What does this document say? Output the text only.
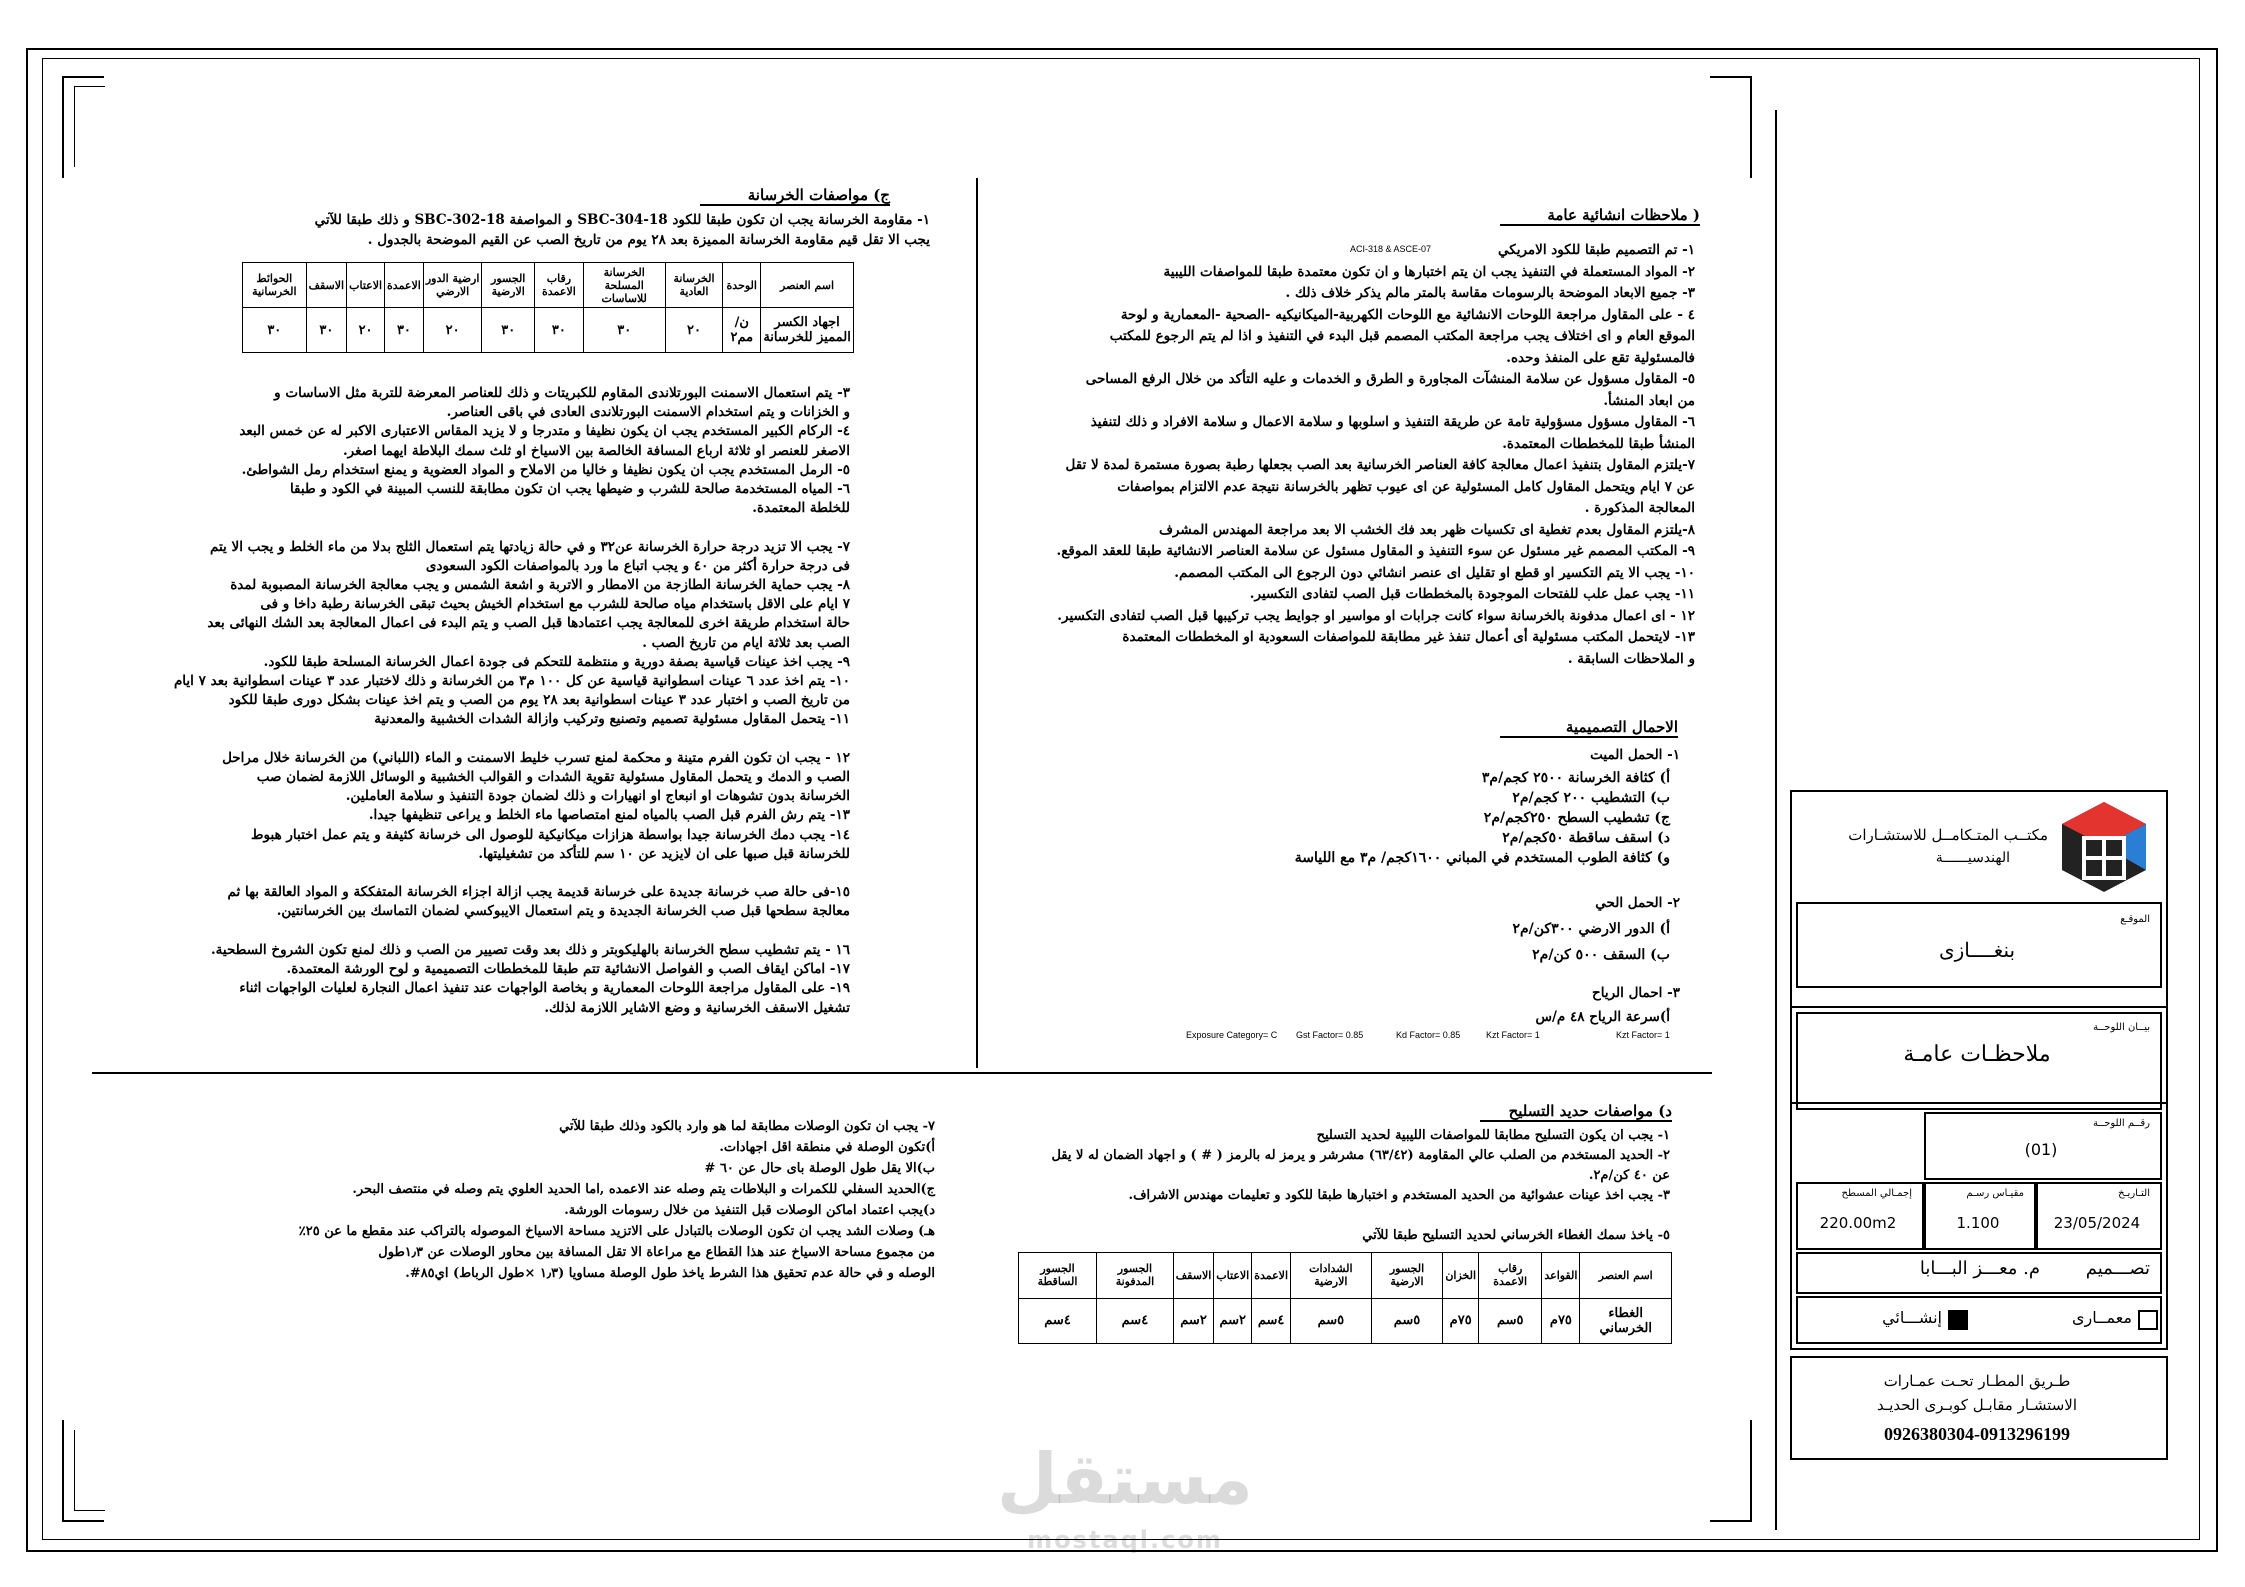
( ملاحظات انشائية عامة
ACI-318 & ASCE-07	١- تم التصميم طبقا للكود الامريكي
٢- المواد المستعملة في التنفيذ يجب ان يتم اختبارها و ان تكون معتمدة طبقا للمواصفات الليبية
٣- جميع الابعاد الموضحة بالرسومات مقاسة بالمتر مالم يذكر خلاف ذلك .
٤ - على المقاول مراجعة اللوحات الانشائية مع اللوحات الكهربية-الميكانيكيه -الصحية -المعمارية و لوحة
الموقع العام و اى اختلاف يجب مراجعة المكتب المصمم قبل البدء في التنفيذ و اذا لم يتم الرجوع للمكتب
فالمسئولية تقع على المنفذ وحده.
٥- المقاول مسؤول عن سلامة المنشآت المجاورة و الطرق و الخدمات و عليه التأكد من خلال الرفع المساحى
من ابعاد المنشأ.
٦- المقاول مسؤول مسؤولية تامة عن طريقة التنفيذ و اسلوبها و سلامة الاعمال و سلامة الافراد و ذلك لتنفيذ
المنشأ طبقا للمخططات المعتمدة.
٧-يلتزم المقاول بتنفيذ اعمال معالجة كافة العناصر الخرسانية بعد الصب بجعلها رطبة بصورة مستمرة لمدة لا تقل
عن ٧ ايام ويتحمل المقاول كامل المسئولية عن اى عيوب تظهر بالخرسانة نتيجة عدم الالتزام بمواصفات
المعالجة المذكورة .
٨-يلتزم المقاول بعدم تغطية اى تكسيات ظهر بعد فك الخشب الا بعد مراجعة المهندس المشرف
٩- المكتب المصمم غير مسئول عن سوء التنفيذ و المقاول مسئول عن سلامة العناصر الانشائية طبقا للعقد الموقع.
١٠- يجب الا يتم التكسير او قطع او تقليل اى عنصر انشائي دون الرجوع الى المكتب المصمم.
١١- يجب عمل علب للفتحات الموجودة بالمخططات قبل الصب لتفادى التكسير.
١٢ - اى اعمال مدفونة بالخرسانة سواء كانت جرابات او مواسير او جوايط يجب تركيبها قبل الصب لتفادى التكسير.
١٣- لايتحمل المكتب مسئولية أى أعمال تنفذ غير مطابقة للمواصفات السعودية او المخططات المعتمدة
و الملاحظات السابقة .
الاحمال التصميمية
١- الحمل الميت
أ) كثافة الخرسانة ٢٥٠٠ كجم/م٣
ب) التشطيب ٢٠٠ كجم/م٢
ج) تشطيب السطح ٢٥٠كجم/م٢
د) اسقف ساقطة ٥٠كجم/م٢
و) كثافة الطوب المستخدم في المباني ١٦٠٠كجم/ م٣ مع اللياسة
٢- الحمل الحي
أ) الدور الارضي ٣٠٠كن/م٢
ب) السقف ٥٠٠ كن/م٢
٣- احمال الرياح
أ)سرعة الرياح ٤٨ م/س
Exposure Category= C Gst Factor= 0.85	Kd Factor= 0.85	Kzt Factor= 1	Kzt Factor= 1
ج) مواصفات الخرسانة
١- مقاومة الخرسانة يجب ان تكون طبقا للكود SBC-304-18 و المواصفة SBC-302-18 و ذلك طبقا للآتي
يجب الا تقل قيم مقاومة الخرسانة المميزة بعد ٢٨ يوم من تاريخ الصب عن القيم الموضحة بالجدول .
اسم العنصر	الوحدة	الخرسانة العادية	الخرسانة المسلحة للاساسات	رقاب الاعمدة	الجسور الارضية	ارضية الدور الارضي	الاعمدة	الاعتاب	الاسقف	الحوائط الخرسانية
اجهاد الكسر المميز للخرسانة	ن/مم٢	٢٠	٣٠	٣٠	٣٠	٢٠	٣٠	٢٠	٣٠	٣٠
٣- يتم استعمال الاسمنت البورتلاندى المقاوم للكبريتات و ذلك للعناصر المعرضة للتربة مثل الاساسات و
و الخزانات و يتم استخدام الاسمنت البورتلاندى العادى في باقى العناصر.
٤- الركام الكبير المستخدم يجب ان يكون نظيفا و متدرجا و لا يزيد المقاس الاعتبارى الاكبر له عن خمس البعد
الاصغر للعنصر او ثلاثة ارباع المسافة الخالصة بين الاسياخ او ثلث سمك البلاطة ايهما اصغر.
٥- الرمل المستخدم يجب ان يكون نظيفا و خاليا من الاملاح و المواد العضوية و يمنع استخدام رمل الشواطئ.
٦- المياه المستخدمة صالحة للشرب و ضيطها يجب ان تكون مطابقة للنسب المبينة في الكود و طبقا
للخلطة المعتمدة.

٧- يجب الا تزيد درجة حرارة الخرسانة عن٣٢ و في حالة زيادتها يتم استعمال الثلج بدلا من ماء الخلط و يجب الا يتم
فى درجة حرارة أكثر من ٤٠ و يجب اتباع ما ورد بالمواصفات الكود السعودى
٨- يجب حماية الخرسانة الطازجة من الامطار و الاتربة و اشعة الشمس و يجب معالجة الخرسانة المصبوبة لمدة
٧ ايام على الاقل باستخدام مياه صالحة للشرب مع استخدام الخيش بحيث تبقى الخرسانة رطبة داخا و فى
حالة استخدام طريقة اخرى للمعالجة يجب اعتمادها قبل الصب و يتم البدء فى اعمال المعالجة بعد الشك النهائى بعد
الصب بعد ثلاثة ايام من تاريخ الصب .
٩- يجب اخذ عينات قياسية بصفة دورية و منتظمة للتحكم فى جودة اعمال الخرسانة المسلحة طبقا للكود.
١٠- يتم اخذ عدد ٦ عينات اسطوانية قياسية عن كل ١٠٠ م٣ من الخرسانة و ذلك لاختبار عدد ٣ عينات اسطوانية بعد ٧ ايام
من تاريخ الصب و اختبار عدد ٣ عينات اسطوانية بعد ٢٨ يوم من الصب و يتم اخذ عينات بشكل دورى طبقا للكود
١١- يتحمل المقاول مسئولية تصميم وتصنيع وتركيب وازالة الشدات الخشبية والمعدنية

١٢ - يجب ان تكون الفرم متينة و محكمة لمنع تسرب خليط الاسمنت و الماء (اللباني) من الخرسانة خلال مراحل
الصب و الدمك و يتحمل المقاول مسئولية تقوية الشدات و القوالب الخشبية و الوسائل اللازمة لضمان صب
الخرسانة بدون تشوهات او انبعاج او انهيارات و ذلك لضمان جودة التنفيذ و سلامة العاملين.
١٣- يتم رش الفرم قبل الصب بالمياه لمنع امتصاصها ماء الخلط و يراعى تنظيفها جيدا.
١٤- يجب دمك الخرسانة جيدا بواسطة هزازات ميكانيكية للوصول الى خرسانة كثيفة و يتم عمل اختبار هبوط
للخرسانة قبل صبها على ان لايزيد عن ١٠ سم للتأكد من تشغيليتها.

١٥-فى حالة صب خرسانة جديدة على خرسانة قديمة يجب ازالة اجزاء الخرسانة المتفككة و المواد العالقة بها ثم
معالجة سطحها قبل صب الخرسانة الجديدة و يتم استعمال الايبوكسي لضمان التماسك بين الخرسانتين.

١٦ - يتم تشطيب سطح الخرسانة بالهليكوبتر و ذلك بعد وقت تصيير من الصب و ذلك لمنع تكون الشروخ السطحية.
١٧- اماكن ايقاف الصب و الفواصل الانشائية تتم طبقا للمخططات التصميمية و لوح الورشة المعتمدة.
١٩- على المقاول مراجعة اللوحات المعمارية و بخاصة الواجهات عند تنفيذ اعمال النجارة لعليات الواجهات اثناء
تشغيل الاسقف الخرسانية و وضع الاشاير اللازمة لذلك.
د) مواصفات حديد التسليح
١- يجب ان يكون التسليح مطابقا للمواصفات الليبية لحديد التسليح
٢- الحديد المستخدم من الصلب عالي المقاومة (٦٣/٤٢) مشرشر و يرمز له بالرمز ( # ) و اجهاد الضمان له لا يقل
عن ٤٠ كن/م٢.
٣- يجب اخذ عينات عشوائية من الحديد المستخدم و اختبارها طبقا للكود و تعليمات مهندس الاشراف.

٥- ياخذ سمك الغطاء الخرساني لحديد التسليح طبقا للآتي
اسم العنصر	القواعد	رقاب الاعمدة	الخزان	الجسور الارضية	الشدادات الارضية	الاعمدة	الاعتاب	الاسقف	الجسور المدفونة	الجسور الساقطة
الغطاء الخرساني	٧٥م	٥سم	٧٥م	٥سم	٥سم	٤سم	٢سم	٢سم	٤سم	٤سم
٧- يجب ان تكون الوصلات مطابقة لما هو وارد بالكود وذلك طبقا للآتي
أ)تكون الوصلة في منطقة اقل اجهادات.
ب)الا يقل طول الوصلة باى حال عن ٦٠ #
ج)الحديد السفلي للكمرات و البلاطات يتم وصله عند الاعمده ,اما الحديد العلوي يتم وصله في منتصف البحر.
د)يجب اعتماد اماكن الوصلات قبل التنفيذ من خلال رسومات الورشة.
هـ) وصلات الشد يجب ان تكون الوصلات بالتبادل على الاتزيد مساحة الاسياخ الموصوله بالتراكب عند مقطع ما عن ٢٥٪
من مجموع مساحة الاسياخ عند هذا القطاع مع مراعاة الا تقل المسافة بين محاور الوصلات عن ١٫٣طول
الوصله و في حالة عدم تحقيق هذا الشرط ياخذ طول الوصلة مساويا (١٫٣ ×طول الرباط) اي٨٥#.
مكتــب المتـكامــل للاستشـارات
الهندسيــــــة
الموقـع
بنغــــازى
بيــان اللوحــة
ملاحظـات عامـة
رقــم اللوحــة
(01)
التـاريـخ
23/05/2024
مقيـاس رسـم
1.100
إجمـالي المسطح
220.00m2
تصـــميم
م. معـــز البـــابا
معمــارى
إنشـــائي
طـريق المطـار تحـت عمـارات
الاستشـار مقابـل كوبـرى الحديـد
0926380304-0913296199
مستقل
mostaql.com
